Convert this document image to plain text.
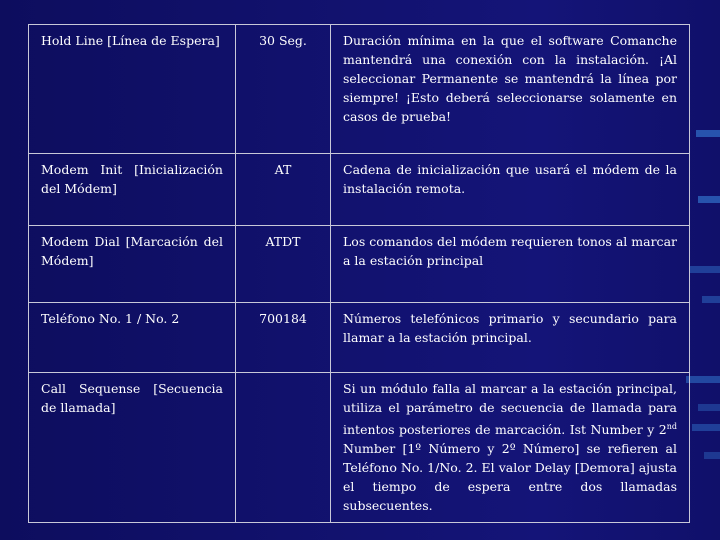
Hold Line [Línea de Espera]	30 Seg.	Duración mínima en la que el software Comanche mantendrá una conexión con la instalación. ¡Al seleccionar Permanente se mantendrá la línea por siempre! ¡Esto deberá seleccionarse solamente en casos de prueba!
Modem Init [Inicialización del Módem]	AT	Cadena de inicialización que usará el módem de la instalación remota.
Modem Dial [Marcación del Módem]	ATDT	Los comandos del módem requieren tonos al marcar a la estación principal
Teléfono No. 1 / No. 2	700184	Números telefónicos primario y secundario para llamar a la estación principal.
Call Sequense [Secuencia de llamada]		Si un módulo falla al marcar a la estación principal, utiliza el parámetro de secuencia de llamada para intentos posteriores de marcación. Ist Number y 2nd Number [1º Número y 2º Número] se refieren al Teléfono No. 1/No. 2. El valor Delay [Demora] ajusta el tiempo de espera entre dos llamadas subsecuentes.
